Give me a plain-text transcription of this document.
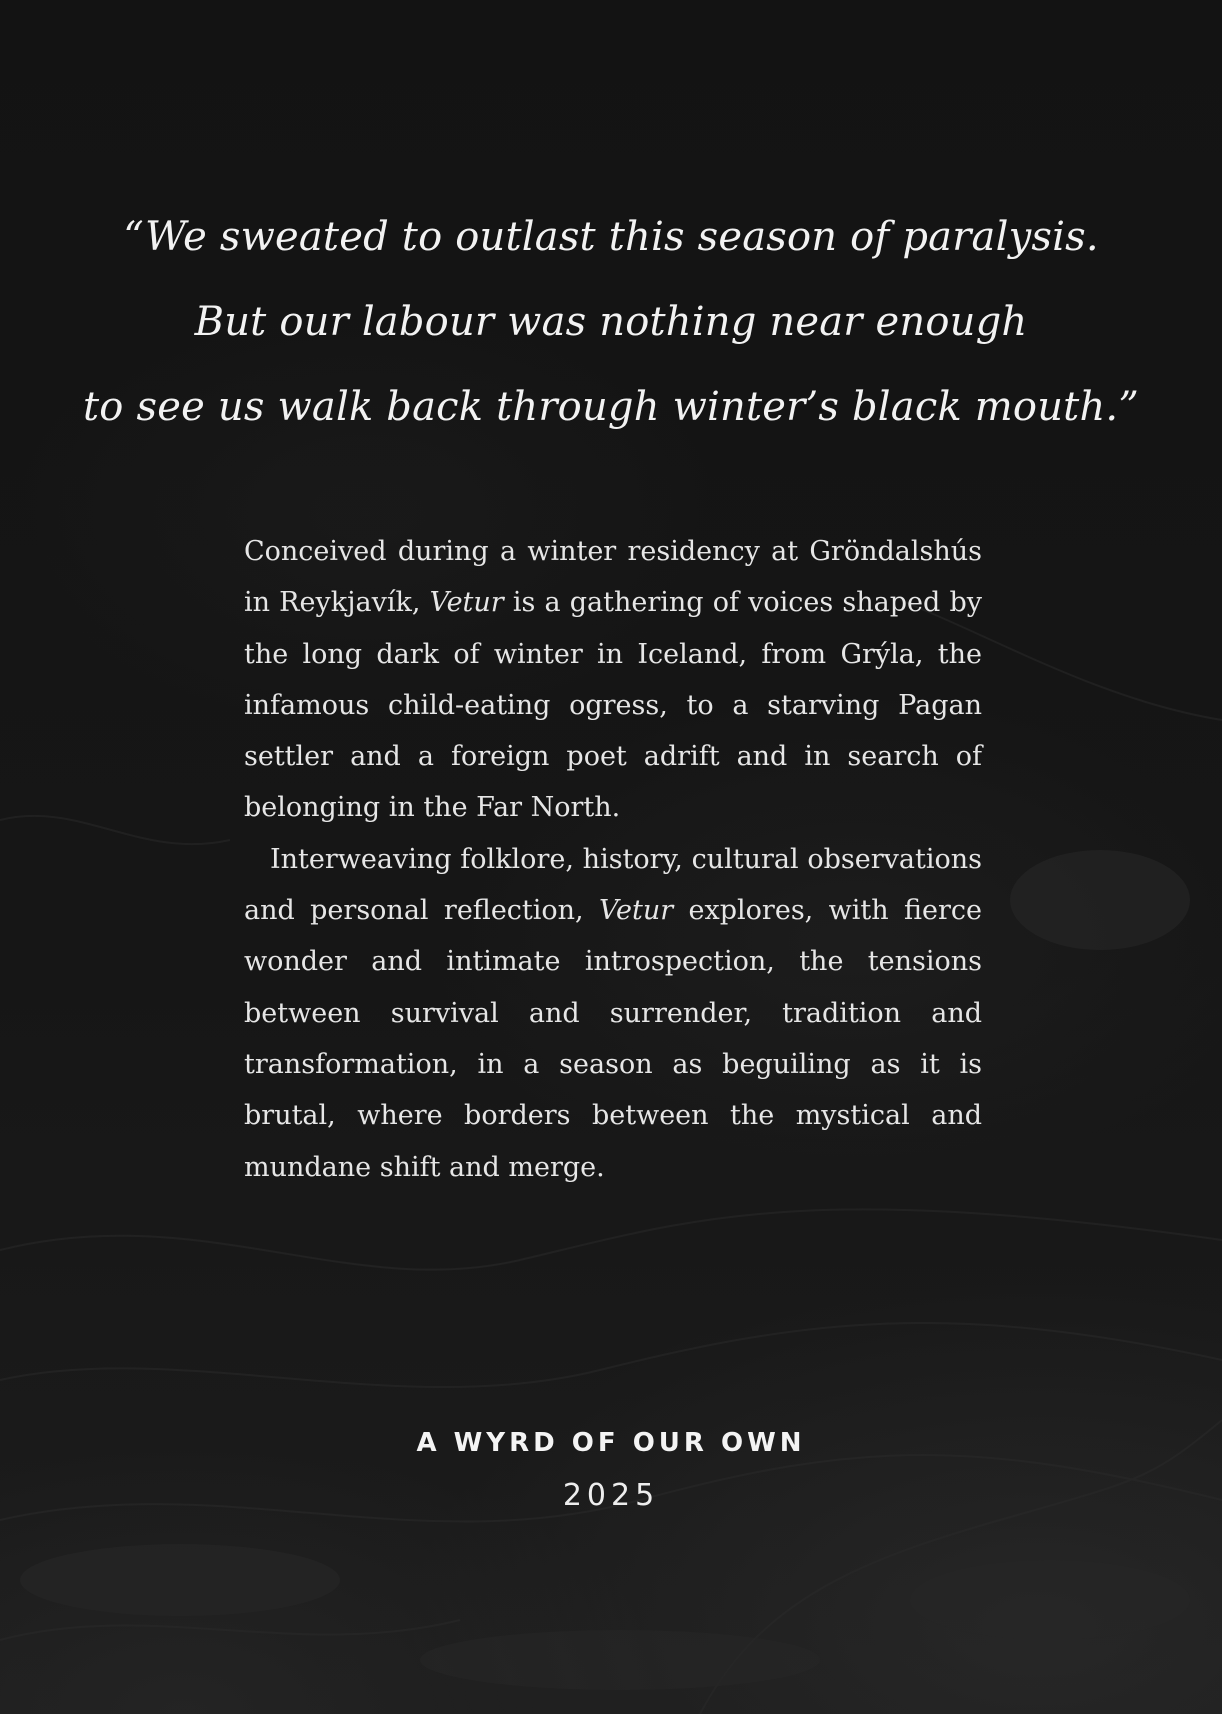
“We sweated to outlast this season of paralysis.
But our labour was nothing near enough
to see us walk back through winter’s black mouth.”

Conceived during a winter residency at Gröndalshús in Reykjavík, Vetur is a gathering of voices shaped by the long dark of winter in Iceland, from Grýla, the infamous child-eating ogress, to a starving Pagan settler and a foreign poet adrift and in search of belonging in the Far North.

Interweaving folklore, history, cultural observations and personal reflection, Vetur explores, with fierce wonder and intimate introspection, the tensions between survival and surrender, tradition and transformation, in a season as beguiling as it is brutal, where borders between the mystical and mundane shift and merge.

A WYRD OF OUR OWN
2025
